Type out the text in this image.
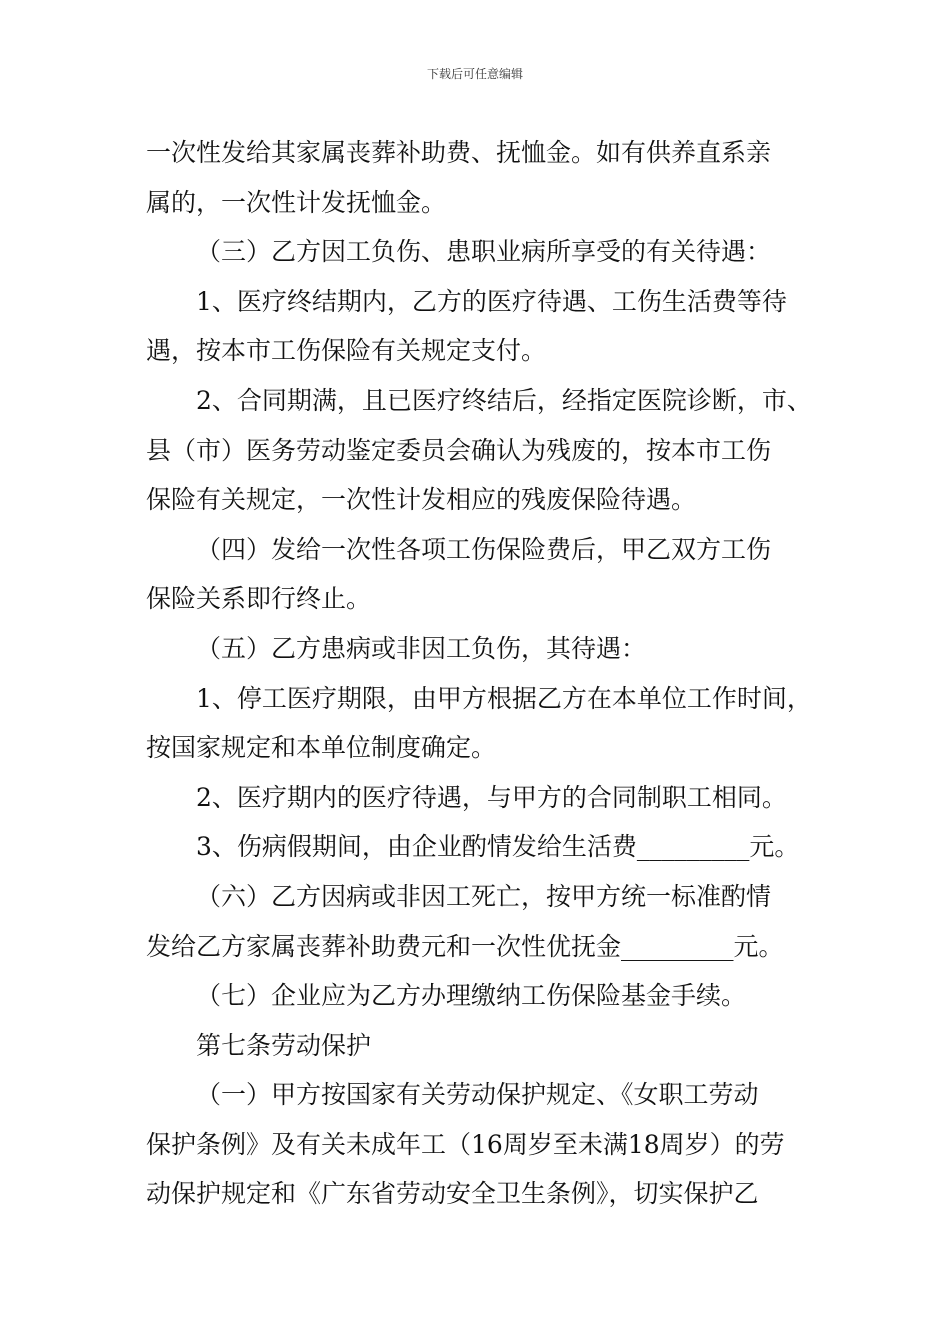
下载后可任意编辑

一次性发给其家属丧葬补助费、抚恤金。如有供养直系亲
属的，一次性计发抚恤金。

（三）乙方因工负伤、患职业病所享受的有关待遇：

1、医疗终结期内，乙方的医疗待遇、工伤生活费等待
遇，按本市工伤保险有关规定支付。

2、合同期满，且已医疗终结后，经指定医院诊断，市、
县（市）医务劳动鉴定委员会确认为残废的，按本市工伤
保险有关规定，一次性计发相应的残废保险待遇。

（四）发给一次性各项工伤保险费后，甲乙双方工伤
保险关系即行终止。

（五）乙方患病或非因工负伤，其待遇：

1、停工医疗期限，由甲方根据乙方在本单位工作时间，
按国家规定和本单位制度确定。

2、医疗期内的医疗待遇，与甲方的合同制职工相同。

3、伤病假期间，由企业酌情发给生活费_________元。

（六）乙方因病或非因工死亡，按甲方统一标准酌情
发给乙方家属丧葬补助费元和一次性优抚金_________元。

（七）企业应为乙方办理缴纳工伤保险基金手续。

第七条劳动保护

（一）甲方按国家有关劳动保护规定、《女职工劳动
保护条例》及有关未成年工（16周岁至未满18周岁）的劳
动保护规定和《广东省劳动安全卫生条例》，切实保护乙
